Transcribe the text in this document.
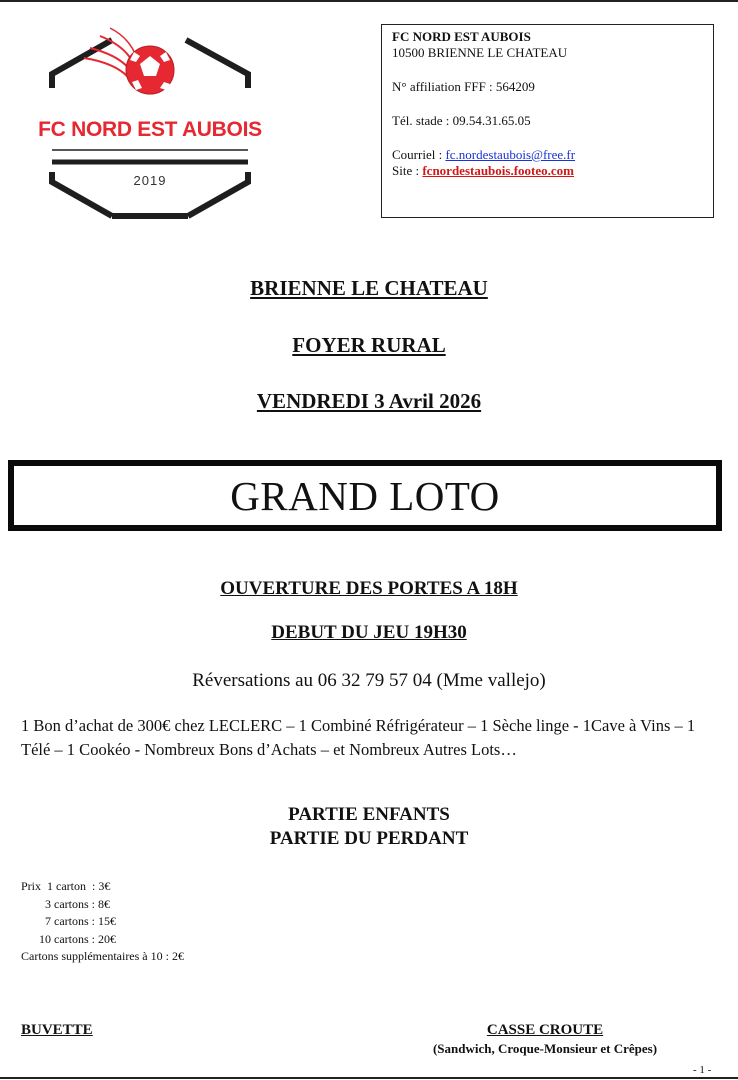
FC NORD EST AUBOIS
2019
FC NORD EST AUBOIS
10500 BRIENNE LE CHATEAU
N° affiliation FFF : 564209
Tél. stade : 09.54.31.65.05
Courriel : fc.nordestaubois@free.fr
Site : fcnordestaubois.footeo.com
BRIENNE LE CHATEAU
FOYER RURAL
VENDREDI 3 Avril 2026
GRAND LOTO
OUVERTURE DES PORTES A 18H
DEBUT DU JEU 19H30
Réversations au 06 32 79 57 04 (Mme vallejo)
1 Bon d’achat de 300€ chez LECLERC – 1 Combiné Réfrigérateur – 1 Sèche linge - 1Cave à Vins – 1 Télé – 1 Cookéo - Nombreux Bons d’Achats – et Nombreux Autres Lots…
PARTIE ENFANTS
PARTIE DU PERDANT
Prix  1 carton  : 3€
3 cartons : 8€
7 cartons : 15€
10 cartons : 20€
Cartons supplémentaires à 10 : 2€
BUVETTE	CASSE CROUTE
(Sandwich, Croque-Monsieur et Crêpes)
- 1 -
